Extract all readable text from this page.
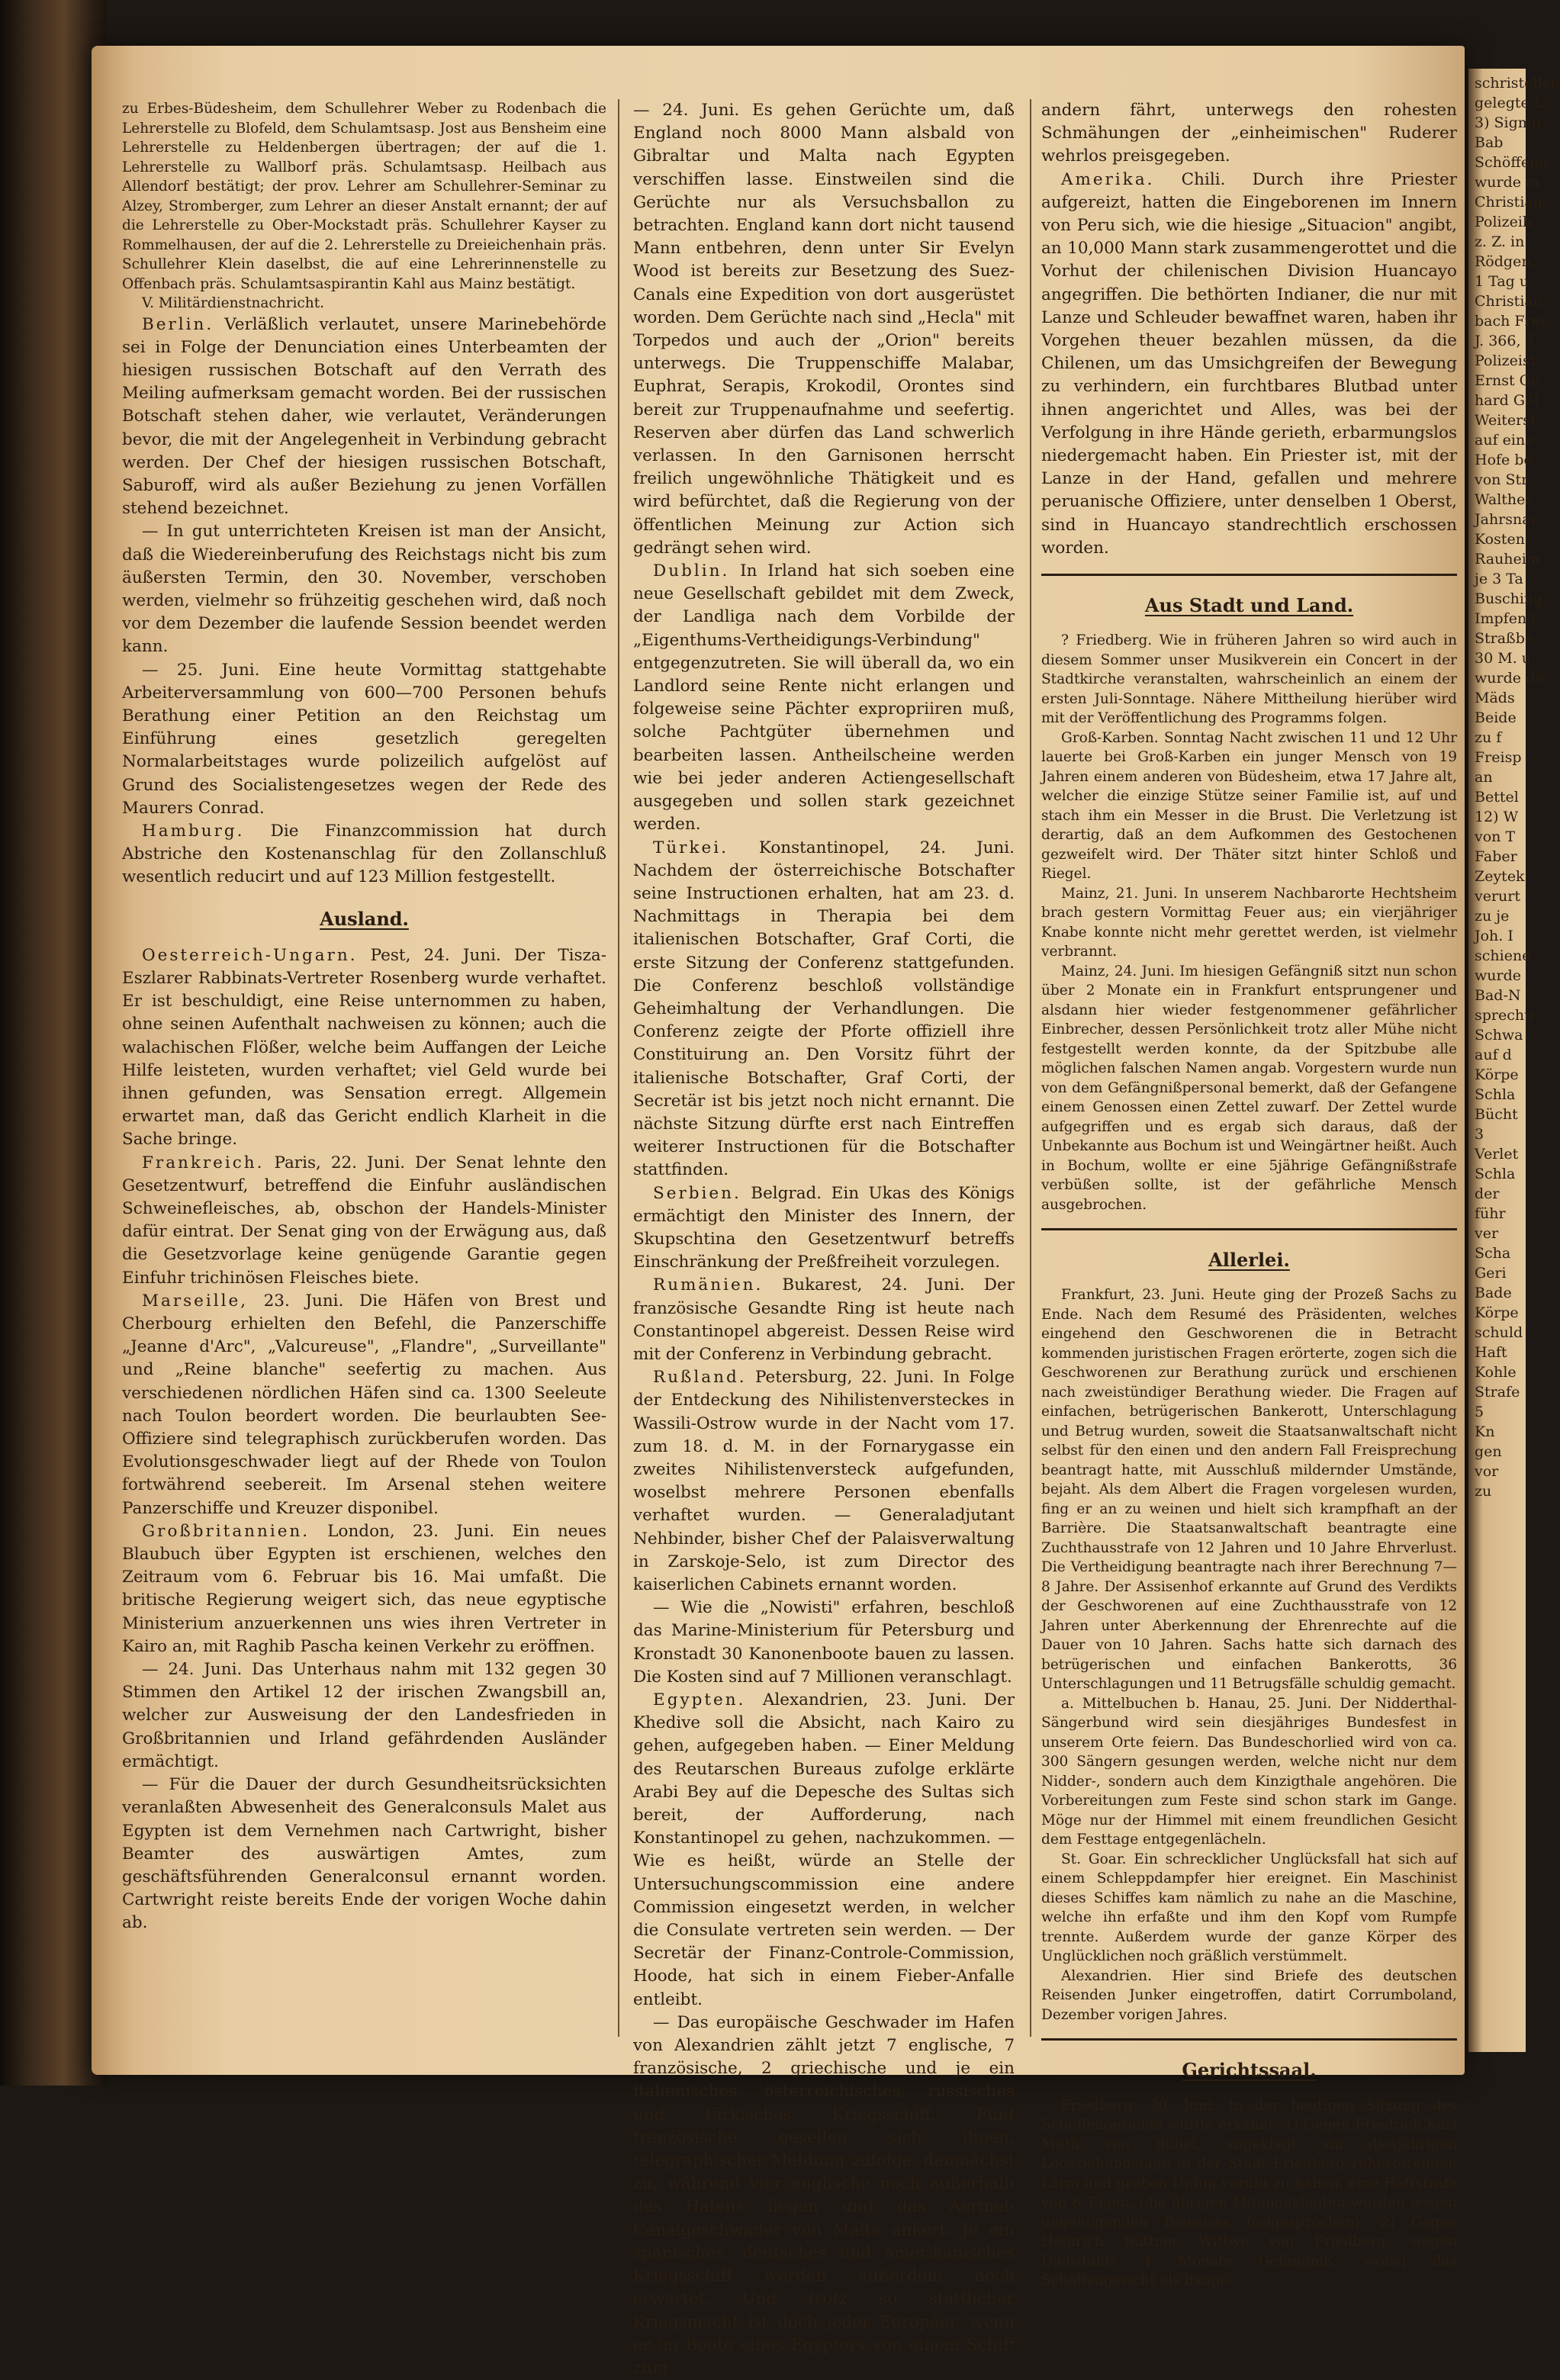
schristellen
gelegte L
3) Sigmu
Bab
Schöffeng
wurde m
Christian
Polizeib
z. Z. in
Rödgen,
1 Tag u
Christian
bach Frei
J. 366, 7
Polizeist
Ernst Gö
hard Göl
Weiterst
auf eine
Hofe be
von Str
Walther
Jahrsnac
Kosten;
Rauheim
je 3 Ta
Busching
Impfend
Straßbe
30 M. u
wurde de
Mäds
Beide
zu f
Freisp
an
Bettel
12) W
von T
Faber
Zeytek
verurt
zu je
Joh. I
schiene
wurde
Bad-N
sprechu
Schwa
auf d
Körpe
Schla
Bücht
3
Verlet
Schla
der
führ
ver
Scha
Geri
Bade
Körpe
schuld
Haft
Kohle
Strafe
5
Kn
gen
vor
zu

zu Erbes-Büdesheim, dem Schullehrer Weber zu Rodenbach die Lehrerstelle zu Blofeld, dem Schulamtsasp. Jost aus Bensheim eine Lehrerstelle zu Heldenbergen übertragen; der auf die 1. Lehrerstelle zu Wallborf präs. Schulamtsasp. Heilbach aus Allendorf bestätigt; der prov. Lehrer am Schullehrer-Seminar zu Alzey, Stromberger, zum Lehrer an dieser Anstalt ernannt; der auf die Lehrerstelle zu Ober-Mockstadt präs. Schullehrer Kayser zu Rommelhausen, der auf die 2. Lehrerstelle zu Dreieichenhain präs. Schullehrer Klein daselbst, die auf eine Lehrerinnenstelle zu Offenbach präs. Schulamtsaspirantin Kahl aus Mainz bestätigt.

V. Militärdienstnachricht.

Berlin. Verläßlich verlautet, unsere Marinebehörde sei in Folge der Denunciation eines Unterbeamten der hiesigen russischen Botschaft auf den Verrath des Meiling aufmerksam gemacht worden. Bei der russischen Botschaft stehen daher, wie verlautet, Veränderungen bevor, die mit der Angelegenheit in Verbindung gebracht werden. Der Chef der hiesigen russischen Botschaft, Saburoff, wird als außer Beziehung zu jenen Vorfällen stehend bezeichnet.

— In gut unterrichteten Kreisen ist man der Ansicht, daß die Wiedereinberufung des Reichstags nicht bis zum äußersten Termin, den 30. November, verschoben werden, vielmehr so frühzeitig geschehen wird, daß noch vor dem Dezember die laufende Session beendet werden kann.

— 25. Juni. Eine heute Vormittag stattgehabte Arbeiterversammlung von 600—700 Personen behufs Berathung einer Petition an den Reichstag um Einführung eines gesetzlich geregelten Normalarbeitstages wurde polizeilich aufgelöst auf Grund des Socialistengesetzes wegen der Rede des Maurers Conrad.

Hamburg. Die Finanzcommission hat durch Abstriche den Kostenanschlag für den Zollanschluß wesentlich reducirt und auf 123 Million festgestellt.

Ausland.

Oesterreich-Ungarn. Pest, 24. Juni. Der Tisza-Eszlarer Rabbinats-Vertreter Rosenberg wurde verhaftet. Er ist beschuldigt, eine Reise unternommen zu haben, ohne seinen Aufenthalt nachweisen zu können; auch die walachischen Flößer, welche beim Auffangen der Leiche Hilfe leisteten, wurden verhaftet; viel Geld wurde bei ihnen gefunden, was Sensation erregt. Allgemein erwartet man, daß das Gericht endlich Klarheit in die Sache bringe.

Frankreich. Paris, 22. Juni. Der Senat lehnte den Gesetzentwurf, betreffend die Einfuhr ausländischen Schweinefleisches, ab, obschon der Handels-Minister dafür eintrat. Der Senat ging von der Erwägung aus, daß die Gesetzvorlage keine genügende Garantie gegen Einfuhr trichinösen Fleisches biete.

Marseille, 23. Juni. Die Häfen von Brest und Cherbourg erhielten den Befehl, die Panzerschiffe „Jeanne d'Arc", „Valcureuse", „Flandre", „Surveillante" und „Reine blanche" seefertig zu machen. Aus verschiedenen nördlichen Häfen sind ca. 1300 Seeleute nach Toulon beordert worden. Die beurlaubten See-Offiziere sind telegraphisch zurückberufen worden. Das Evolutionsgeschwader liegt auf der Rhede von Toulon fortwährend seebereit. Im Arsenal stehen weitere Panzerschiffe und Kreuzer disponibel.

Großbritannien. London, 23. Juni. Ein neues Blaubuch über Egypten ist erschienen, welches den Zeitraum vom 6. Februar bis 16. Mai umfaßt. Die britische Regierung weigert sich, das neue egyptische Ministerium anzuerkennen uns wies ihren Vertreter in Kairo an, mit Raghib Pascha keinen Verkehr zu eröffnen.

— 24. Juni. Das Unterhaus nahm mit 132 gegen 30 Stimmen den Artikel 12 der irischen Zwangsbill an, welcher zur Ausweisung der den Landesfrieden in Großbritannien und Irland gefährdenden Ausländer ermächtigt.

— Für die Dauer der durch Gesundheitsrücksichten veranlaßten Abwesenheit des Generalconsuls Malet aus Egypten ist dem Vernehmen nach Cartwright, bisher Beamter des auswärtigen Amtes, zum geschäftsführenden Generalconsul ernannt worden. Cartwright reiste bereits Ende der vorigen Woche dahin ab.

— 24. Juni. Es gehen Gerüchte um, daß England noch 8000 Mann alsbald von Gibraltar und Malta nach Egypten verschiffen lasse. Einstweilen sind die Gerüchte nur als Versuchsballon zu betrachten. England kann dort nicht tausend Mann entbehren, denn unter Sir Evelyn Wood ist bereits zur Besetzung des Suez-Canals eine Expedition von dort ausgerüstet worden. Dem Gerüchte nach sind „Hecla" mit Torpedos und auch der „Orion" bereits unterwegs. Die Truppenschiffe Malabar, Euphrat, Serapis, Krokodil, Orontes sind bereit zur Truppenaufnahme und seefertig. Reserven aber dürfen das Land schwerlich verlassen. In den Garnisonen herrscht freilich ungewöhnliche Thätigkeit und es wird befürchtet, daß die Regierung von der öffentlichen Meinung zur Action sich gedrängt sehen wird.

Dublin. In Irland hat sich soeben eine neue Gesellschaft gebildet mit dem Zweck, der Landliga nach dem Vorbilde der „Eigenthums-Vertheidigungs-Verbindung" entgegenzutreten. Sie will überall da, wo ein Landlord seine Rente nicht erlangen und folgeweise seine Pächter expropriiren muß, solche Pachtgüter übernehmen und bearbeiten lassen. Antheilscheine werden wie bei jeder anderen Actiengesellschaft ausgegeben und sollen stark gezeichnet werden.

Türkei. Konstantinopel, 24. Juni. Nachdem der österreichische Botschafter seine Instructionen erhalten, hat am 23. d. Nachmittags in Therapia bei dem italienischen Botschafter, Graf Corti, die erste Sitzung der Conferenz stattgefunden. Die Conferenz beschloß vollständige Geheimhaltung der Verhandlungen. Die Conferenz zeigte der Pforte offiziell ihre Constituirung an. Den Vorsitz führt der italienische Botschafter, Graf Corti, der Secretär ist bis jetzt noch nicht ernannt. Die nächste Sitzung dürfte erst nach Eintreffen weiterer Instructionen für die Botschafter stattfinden.

Serbien. Belgrad. Ein Ukas des Königs ermächtigt den Minister des Innern, der Skupschtina den Gesetzentwurf betreffs Einschränkung der Preßfreiheit vorzulegen.

Rumänien. Bukarest, 24. Juni. Der französische Gesandte Ring ist heute nach Constantinopel abgereist. Dessen Reise wird mit der Conferenz in Verbindung gebracht.

Rußland. Petersburg, 22. Juni. In Folge der Entdeckung des Nihilistenversteckes in Wassili-Ostrow wurde in der Nacht vom 17. zum 18. d. M. in der Fornarygasse ein zweites Nihilistenversteck aufgefunden, woselbst mehrere Personen ebenfalls verhaftet wurden. — Generaladjutant Nehbinder, bisher Chef der Palaisverwaltung in Zarskoje-Selo, ist zum Director des kaiserlichen Cabinets ernannt worden.

— Wie die „Nowisti" erfahren, beschloß das Marine-Ministerium für Petersburg und Kronstadt 30 Kanonenboote bauen zu lassen. Die Kosten sind auf 7 Millionen veranschlagt.

Egypten. Alexandrien, 23. Juni. Der Khedive soll die Absicht, nach Kairo zu gehen, aufgegeben haben. — Einer Meldung des Reutarschen Bureaus zufolge erklärte Arabi Bey auf die Depesche des Sultas sich bereit, der Aufforderung, nach Konstantinopel zu gehen, nachzukommen. — Wie es heißt, würde an Stelle der Untersuchungscommission eine andere Commission eingesetzt werden, in welcher die Consulate vertreten sein werden. — Der Secretär der Finanz-Controle-Commission, Hoode, hat sich in einem Fieber-Anfalle entleibt.

— Das europäische Geschwader im Hafen von Alexandrien zählt jetzt 7 englische, 7 französische, 2 griechische und je ein italienisches, österreichisches, russisches und türkisches Kriegsschiff. Fünf französische gesellen sich ihnen, telegraphischer Meldung zufolge, demnächst zu, während vier englische noch außerhalb des Hafens liegen und das Aermel-Canalgeschwader von Malta ankert. Je ein spanisches, deutsches und amerikanisches Kriegsschiff werden außerdem noch erwartet. Und trotz so stattlicher Kriegsmacht ist doch jeder Europäer, wenn er im Boote eines Egypters von einem Schiff zum

andern fährt, unterwegs den rohesten Schmähungen der „einheimischen" Ruderer wehrlos preisgegeben.

Amerika. Chili. Durch ihre Priester aufgereizt, hatten die Eingeborenen im Innern von Peru sich, wie die hiesige „Situacion" angibt, an 10,000 Mann stark zusammengerottet und die Vorhut der chilenischen Division Huancayo angegriffen. Die bethörten Indianer, die nur mit Lanze und Schleuder bewaffnet waren, haben ihr Vorgehen theuer bezahlen müssen, da die Chilenen, um das Umsichgreifen der Bewegung zu verhindern, ein furchtbares Blutbad unter ihnen angerichtet und Alles, was bei der Verfolgung in ihre Hände gerieth, erbarmungslos niedergemacht haben. Ein Priester ist, mit der Lanze in der Hand, gefallen und mehrere peruanische Offiziere, unter denselben 1 Oberst, sind in Huancayo standrechtlich erschossen worden.

Aus Stadt und Land.

? Friedberg. Wie in früheren Jahren so wird auch in diesem Sommer unser Musikverein ein Concert in der Stadtkirche veranstalten, wahrscheinlich an einem der ersten Juli-Sonntage. Nähere Mittheilung hierüber wird mit der Veröffentlichung des Programms folgen.

Groß-Karben. Sonntag Nacht zwischen 11 und 12 Uhr lauerte bei Groß-Karben ein junger Mensch von 19 Jahren einem anderen von Büdesheim, etwa 17 Jahre alt, welcher die einzige Stütze seiner Familie ist, auf und stach ihm ein Messer in die Brust. Die Verletzung ist derartig, daß an dem Aufkommen des Gestochenen gezweifelt wird. Der Thäter sitzt hinter Schloß und Riegel.

Mainz, 21. Juni. In unserem Nachbarorte Hechtsheim brach gestern Vormittag Feuer aus; ein vierjähriger Knabe konnte nicht mehr gerettet werden, ist vielmehr verbrannt.

Mainz, 24. Juni. Im hiesigen Gefängniß sitzt nun schon über 2 Monate ein in Frankfurt entsprungener und alsdann hier wieder festgenommener gefährlicher Einbrecher, dessen Persönlichkeit trotz aller Mühe nicht festgestellt werden konnte, da der Spitzbube alle möglichen falschen Namen angab. Vorgestern wurde nun von dem Gefängnißpersonal bemerkt, daß der Gefangene einem Genossen einen Zettel zuwarf. Der Zettel wurde aufgegriffen und es ergab sich daraus, daß der Unbekannte aus Bochum ist und Weingärtner heißt. Auch in Bochum, wollte er eine 5jährige Gefängnißstrafe verbüßen sollte, ist der gefährliche Mensch ausgebrochen.

Allerlei.

Frankfurt, 23. Juni. Heute ging der Prozeß Sachs zu Ende. Nach dem Resumé des Präsidenten, welches eingehend den Geschworenen die in Betracht kommenden juristischen Fragen erörterte, zogen sich die Geschworenen zur Berathung zurück und erschienen nach zweistündiger Berathung wieder. Die Fragen auf einfachen, betrügerischen Bankerott, Unterschlagung und Betrug wurden, soweit die Staatsanwaltschaft nicht selbst für den einen und den andern Fall Freisprechung beantragt hatte, mit Ausschluß mildernder Umstände, bejaht. Als dem Albert die Fragen vorgelesen wurden, fing er an zu weinen und hielt sich krampfhaft an der Barrière. Die Staatsanwaltschaft beantragte eine Zuchthausstrafe von 12 Jahren und 10 Jahre Ehrverlust. Die Vertheidigung beantragte nach ihrer Berechnung 7—8 Jahre. Der Assisenhof erkannte auf Grund des Verdikts der Geschworenen auf eine Zuchthausstrafe von 12 Jahren unter Aberkennung der Ehrenrechte auf die Dauer von 10 Jahren. Sachs hatte sich darnach des betrügerischen und einfachen Bankerotts, 36 Unterschlagungen und 11 Betrugsfälle schuldig gemacht.

a. Mittelbuchen b. Hanau, 25. Juni. Der Nidderthal-Sängerbund wird sein diesjähriges Bundesfest in unserem Orte feiern. Das Bundeschorlied wird von ca. 300 Sängern gesungen werden, welche nicht nur dem Nidder-, sondern auch dem Kinzigthale angehören. Die Vorbereitungen zum Feste sind schon stark im Gange. Möge nur der Himmel mit einem freundlichen Gesicht dem Festtage entgegenlächeln.

St. Goar. Ein schrecklicher Unglücksfall hat sich auf einem Schleppdampfer hier ereignet. Ein Maschinist dieses Schiffes kam nämlich zu nahe an die Maschine, welche ihn erfaßte und ihm den Kopf vom Rumpfe trennte. Außerdem wurde der ganze Körper des Unglücklichen noch gräßlich verstümmelt.

Alexandrien. Hier sind Briefe des deutschen Reisenden Junker eingetroffen, datirt Corrumboland, Dezember vorigen Jahres.

Gerichtssaal.

Friedberg, 20. Juni. In der heutigen Sitzung des Schöffengerichts wurde erkannt: 1) Gegen Friedrich Karl Muth von Bilbel, angeklagt am diesjährigen Loosziehungstage in der Stadt Friedberg ruhestörenden Lärm und groben Unfug verübt zu haben, eine Haftstrafe von 6 Tagen, (die übrigen Mitangeklagten wurden wegen ungenügenden Beweises freigesprochen); 2) Gegen Heinrich Büttner Wittwe von Friedberg, wegen Diebstahls 4 Monate Gefängniß, wobei das Schöffengericht als haupt-
